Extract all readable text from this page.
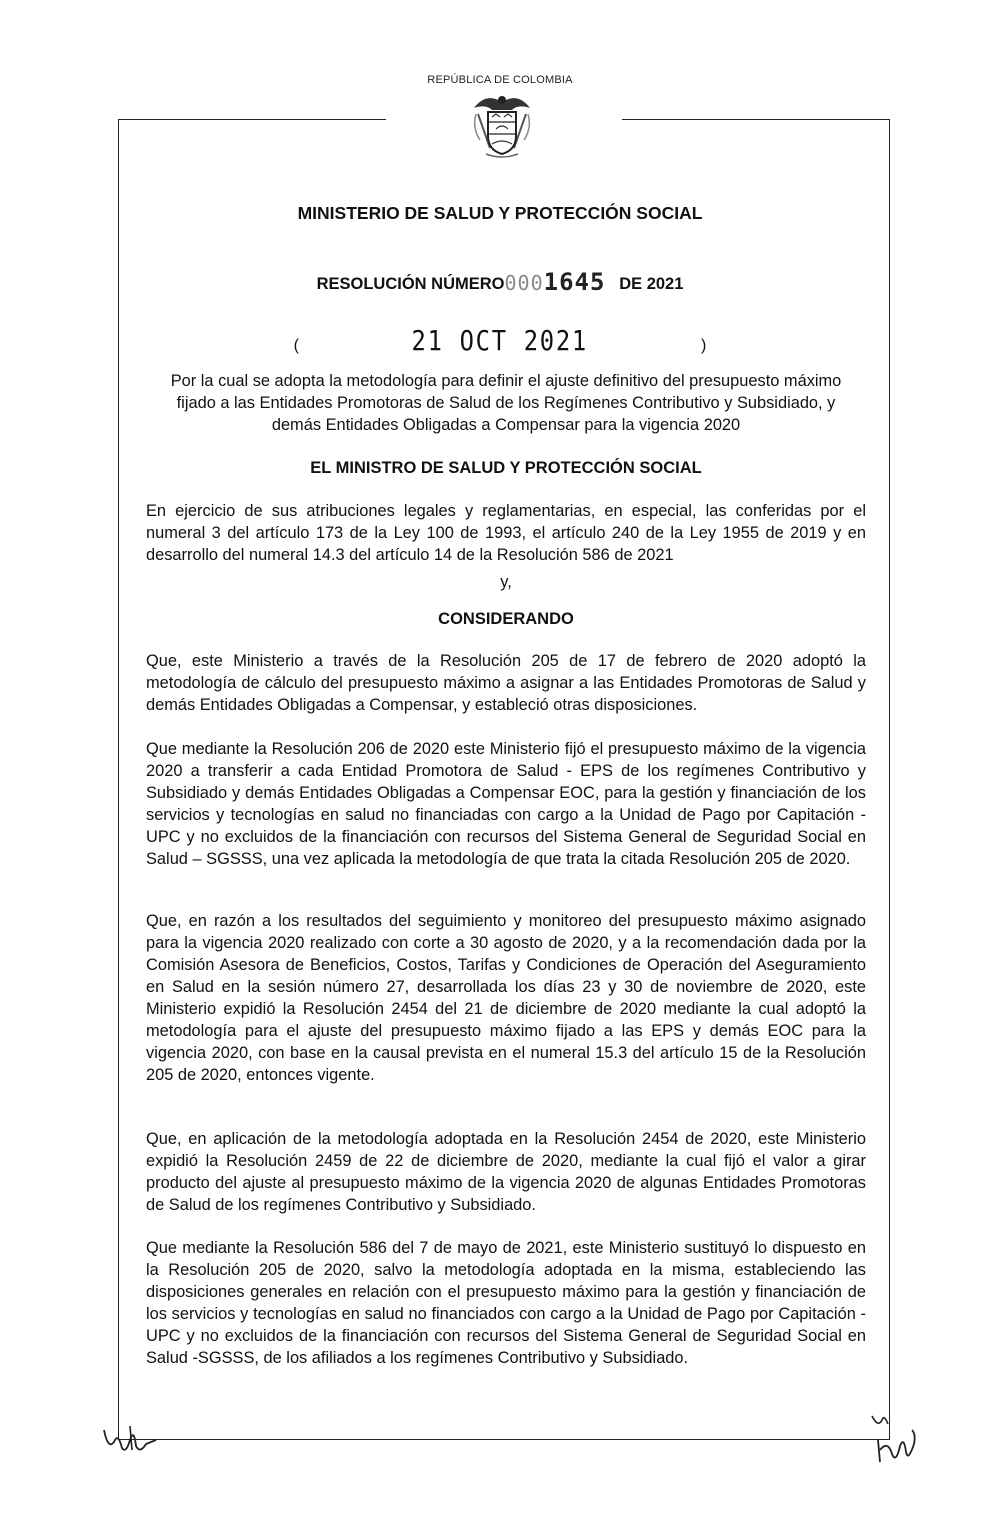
REPÚBLICA DE COLOMBIA
MINISTERIO DE SALUD Y PROTECCIÓN SOCIAL
RESOLUCIÓN NÚMERO0001645 DE 2021
(	21 OCT 2021	)
Por la cual se adopta la metodología para definir el ajuste definitivo del presupuesto máximo fijado a las Entidades Promotoras de Salud de los Regímenes Contributivo y Subsidiado, y demás Entidades Obligadas a Compensar para la vigencia 2020
EL MINISTRO DE SALUD Y PROTECCIÓN SOCIAL
En ejercicio de sus atribuciones legales y reglamentarias, en especial, las conferidas por el numeral 3 del artículo 173 de la Ley 100 de 1993, el artículo 240 de la Ley 1955 de 2019 y en desarrollo del numeral 14.3 del artículo 14 de la Resolución 586 de 2021
y,
CONSIDERANDO
Que, este Ministerio a través de la Resolución 205 de 17 de febrero de 2020 adoptó la metodología de cálculo del presupuesto máximo a asignar a las Entidades Promotoras de Salud y demás Entidades Obligadas a Compensar, y estableció otras disposiciones.
Que mediante la Resolución 206 de 2020 este Ministerio fijó el presupuesto máximo de la vigencia 2020 a transferir a cada Entidad Promotora de Salud - EPS de los regímenes Contributivo y Subsidiado y demás Entidades Obligadas a Compensar EOC, para la gestión y financiación de los servicios y tecnologías en salud no financiadas con cargo a la Unidad de Pago por Capitación -UPC y no excluidos de la financiación con recursos del Sistema General de Seguridad Social en Salud – SGSSS, una vez aplicada la metodología de que trata la citada Resolución 205 de 2020.
Que, en razón a los resultados del seguimiento y monitoreo del presupuesto máximo asignado para la vigencia 2020 realizado con corte a 30 agosto de 2020, y a la recomendación dada por la Comisión Asesora de Beneficios, Costos, Tarifas y Condiciones de Operación del Aseguramiento en Salud en la sesión número 27, desarrollada los días 23 y 30 de noviembre de 2020, este Ministerio expidió la Resolución 2454 del 21 de diciembre de 2020 mediante la cual adoptó la metodología para el ajuste del presupuesto máximo fijado a las EPS y demás EOC para la vigencia 2020, con base en la causal prevista en el numeral 15.3 del artículo 15 de la Resolución 205 de 2020, entonces vigente.
Que, en aplicación de la metodología adoptada en la Resolución 2454 de 2020, este Ministerio expidió la Resolución 2459 de 22 de diciembre de 2020, mediante la cual fijó el valor a girar producto del ajuste al presupuesto máximo de la vigencia 2020 de algunas Entidades Promotoras de Salud de los regímenes Contributivo y Subsidiado.
Que mediante la Resolución 586 del 7 de mayo de 2021, este Ministerio sustituyó lo dispuesto en la Resolución 205 de 2020, salvo la metodología adoptada en la misma, estableciendo las disposiciones generales en relación con el presupuesto máximo para la gestión y financiación de los servicios y tecnologías en salud no financiados con cargo a la Unidad de Pago por Capitación -UPC y no excluidos de la financiación con recursos del Sistema General de Seguridad Social en Salud -SGSSS, de los afiliados a los regímenes Contributivo y Subsidiado.
